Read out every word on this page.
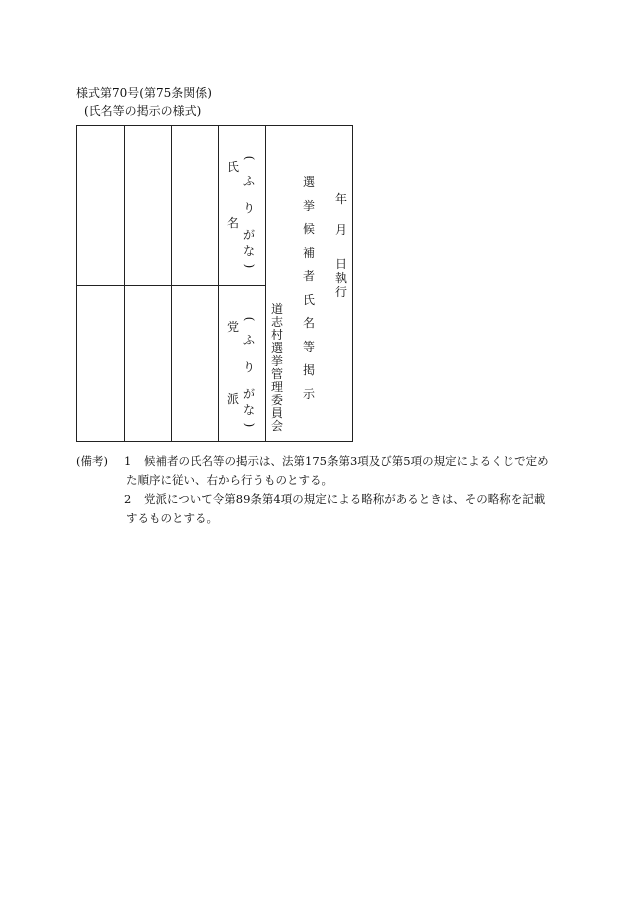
様式第70号(第75条関係)
(氏名等の掲示の様式)
氏
名
(
ふ
り
が
な
)
党
派
(
ふ
り
が
な
)
道
志
村
選
挙
管
理
委
員
会
選
挙
候
補
者
氏
名
等
掲
示
年
月
日
執
行
(備考) 1 候補者の氏名等の掲示は、法第175条第3項及び第5項の規定によるくじで定め
た順序に従い、右から行うものとする。
2 党派について令第89条第4項の規定による略称があるときは、その略称を記載
するものとする。
